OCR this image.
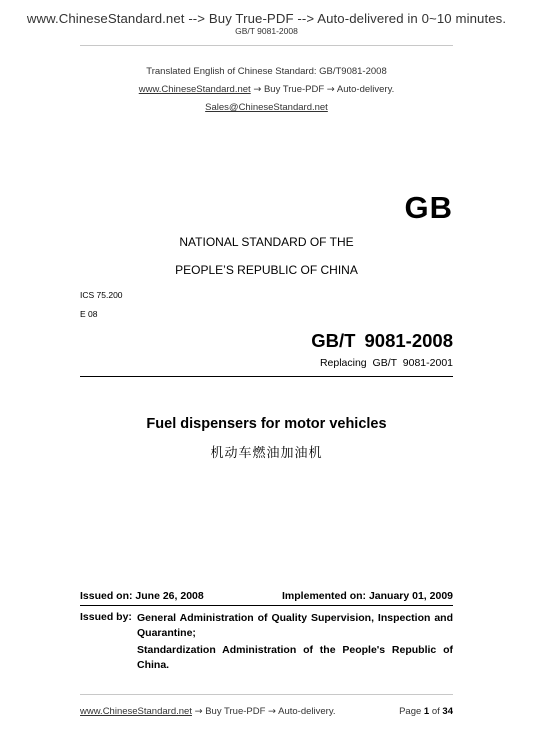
www.ChineseStandard.net --> Buy True-PDF --> Auto-delivered in 0~10 minutes.
GB/T 9081-2008
Translated English of Chinese Standard: GB/T9081-2008
www.ChineseStandard.net → Buy True-PDF → Auto-delivery.
Sales@ChineseStandard.net
GB
NATIONAL STANDARD OF THE
PEOPLE’S REPUBLIC OF CHINA
ICS 75.200
E 08
GB/T 9081-2008
Replacing GB/T 9081-2001
Fuel dispensers for motor vehicles
机动车燃油加油机
Issued on: June 26, 2008	Implemented on: January 01, 2009
Issued by: General Administration of Quality Supervision, Inspection and Quarantine;
Standardization Administration of the People's Republic of China.
www.ChineseStandard.net → Buy True-PDF → Auto-delivery.	Page 1 of 34
